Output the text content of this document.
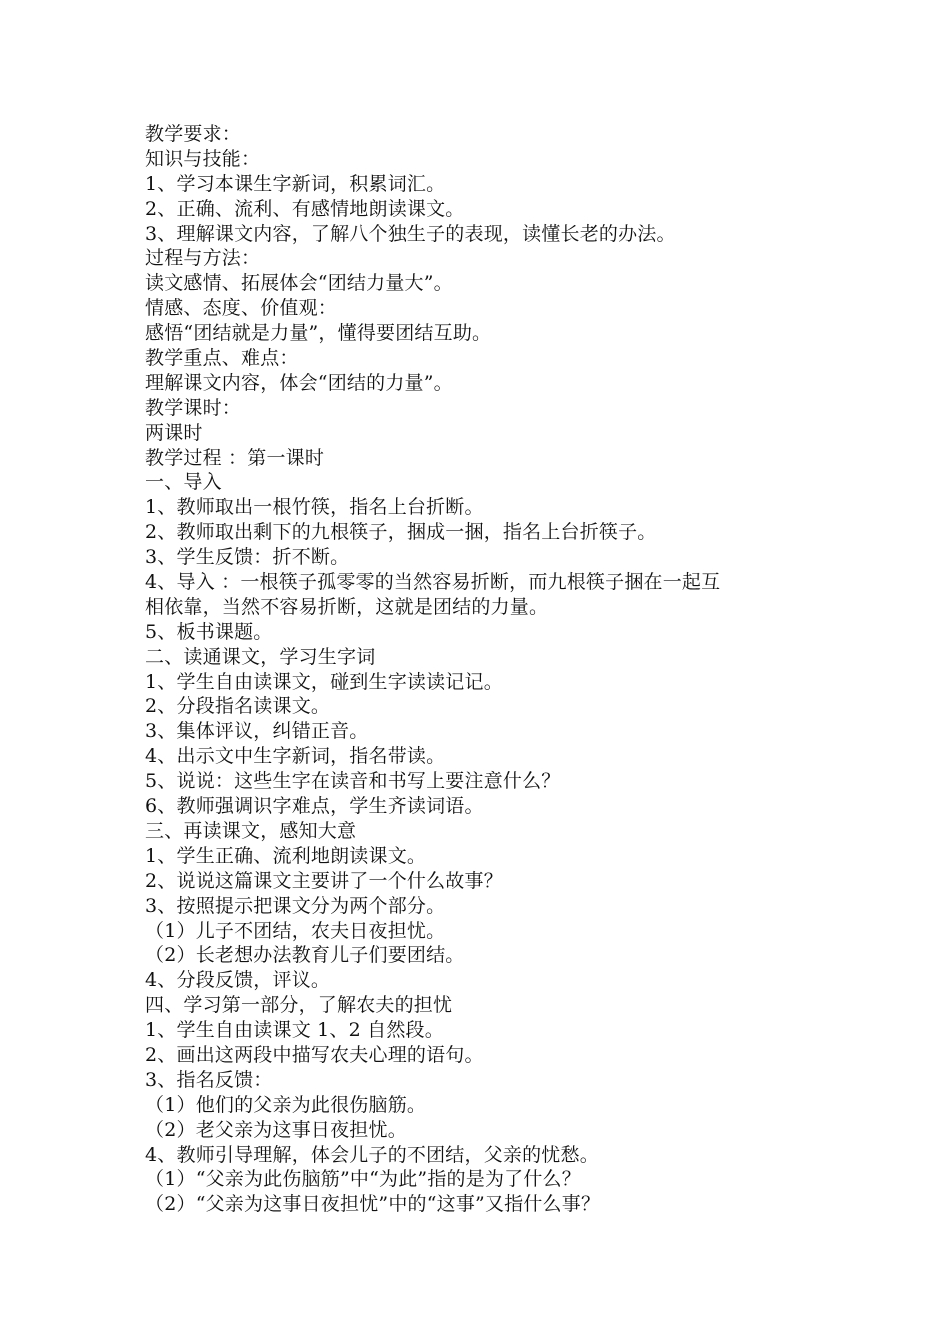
教学要求：
知识与技能：
1、学习本课生字新词，积累词汇。
2、正确、流利、有感情地朗读课文。
3、理解课文内容，了解八个独生子的表现，读懂长老的办法。
过程与方法：
读文感情、拓展体会“团结力量大”。
情感、态度、价值观：
感悟“团结就是力量”，懂得要团结互助。
教学重点、难点：
理解课文内容，体会“团结的力量”。
教学课时：
两课时
教学过程 ：第一课时
一、导入
1、教师取出一根竹筷，指名上台折断。
2、教师取出剩下的九根筷子，捆成一捆，指名上台折筷子。
3、学生反馈：折不断。
4、导入 ：一根筷子孤零零的当然容易折断，而九根筷子捆在一起互
相依靠，当然不容易折断，这就是团结的力量。
5、板书课题。
二、读通课文，学习生字词
1、学生自由读课文，碰到生字读读记记。
2、分段指名读课文。
3、集体评议，纠错正音。
4、出示文中生字新词，指名带读。
5、说说：这些生字在读音和书写上要注意什么？
6、教师强调识字难点，学生齐读词语。
三、再读课文，感知大意
1、学生正确、流利地朗读课文。
2、说说这篇课文主要讲了一个什么故事？
3、按照提示把课文分为两个部分。
（1）儿子不团结，农夫日夜担忧。
（2）长老想办法教育儿子们要团结。
4、分段反馈，评议。
四、学习第一部分，了解农夫的担忧
1、学生自由读课文 1、2 自然段。
2、画出这两段中描写农夫心理的语句。
3、指名反馈：
（1）他们的父亲为此很伤脑筋。
（2）老父亲为这事日夜担忧。
4、教师引导理解，体会儿子的不团结，父亲的忧愁。
（1）“父亲为此伤脑筋”中“为此”指的是为了什么？
（2）“父亲为这事日夜担忧”中的“这事”又指什么事？
